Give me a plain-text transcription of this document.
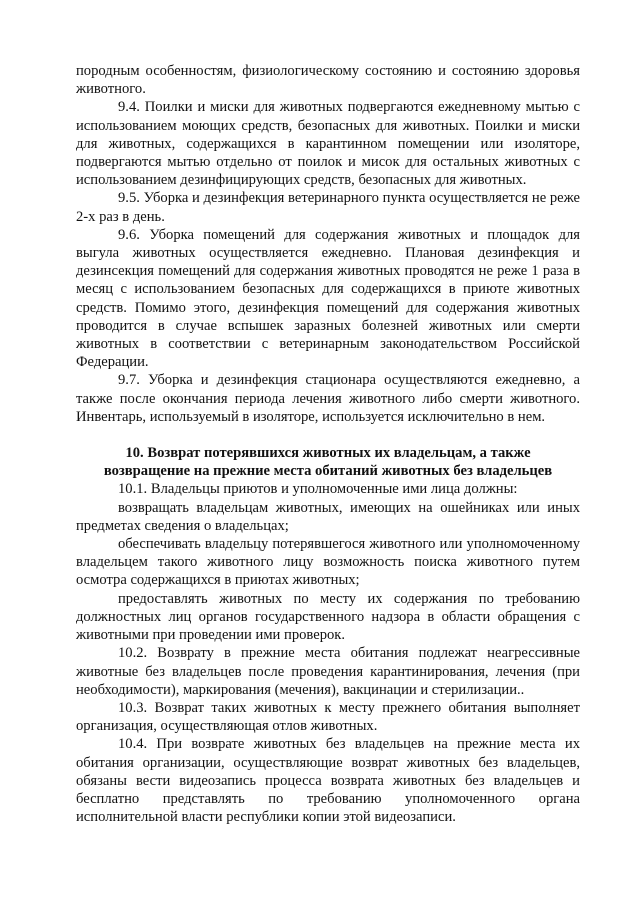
породным особенностям, физиологическому состоянию и состоянию здоровья животного.

9.4. Поилки и миски для животных подвергаются ежедневному мытью с использованием моющих средств, безопасных для животных. Поилки и миски для животных, содержащихся в карантинном помещении или изоляторе, подвергаются мытью отдельно от поилок и мисок для остальных животных с использованием дезинфицирующих средств, безопасных для животных.

9.5. Уборка и дезинфекция ветеринарного пункта осуществляется не реже 2-х раз в день.

9.6. Уборка помещений для содержания животных и площадок для выгула животных осуществляется ежедневно. Плановая дезинфекция и дезинсекция помещений для содержания животных проводятся не реже 1 раза в месяц с использованием безопасных для содержащихся в приюте животных средств. Помимо этого, дезинфекция помещений для содержания животных проводится в случае вспышек заразных болезней животных или смерти животных в соответствии с ветеринарным законодательством Российской Федерации.

9.7. Уборка и дезинфекция стационара осуществляются ежедневно, а также после окончания периода лечения животного либо смерти животного. Инвентарь, используемый в изоляторе, используется исключительно в нем.

10. Возврат потерявшихся животных их владельцам, а также
возвращение на прежние места обитаний животных без владельцев

10.1. Владельцы приютов и уполномоченные ими лица должны:

возвращать владельцам животных, имеющих на ошейниках или иных предметах сведения о владельцах;

обеспечивать владельцу потерявшегося животного или уполномоченному владельцем такого животного лицу возможность поиска животного путем осмотра содержащихся в приютах животных;

предоставлять животных по месту их содержания по требованию должностных лиц органов государственного надзора в области обращения с животными при проведении ими проверок.

10.2. Возврату в прежние места обитания подлежат неагрессивные животные без владельцев после проведения карантинирования, лечения (при необходимости), маркирования (мечения), вакцинации и стерилизации..

10.3. Возврат таких животных к месту прежнего обитания выполняет организация, осуществляющая отлов животных.

10.4. При возврате животных без владельцев на прежние места их обитания организации, осуществляющие возврат животных без владельцев, обязаны вести видеозапись процесса возврата животных без владельцев и бесплатно представлять по требованию уполномоченного органа исполнительной власти республики копии этой видеозаписи.
